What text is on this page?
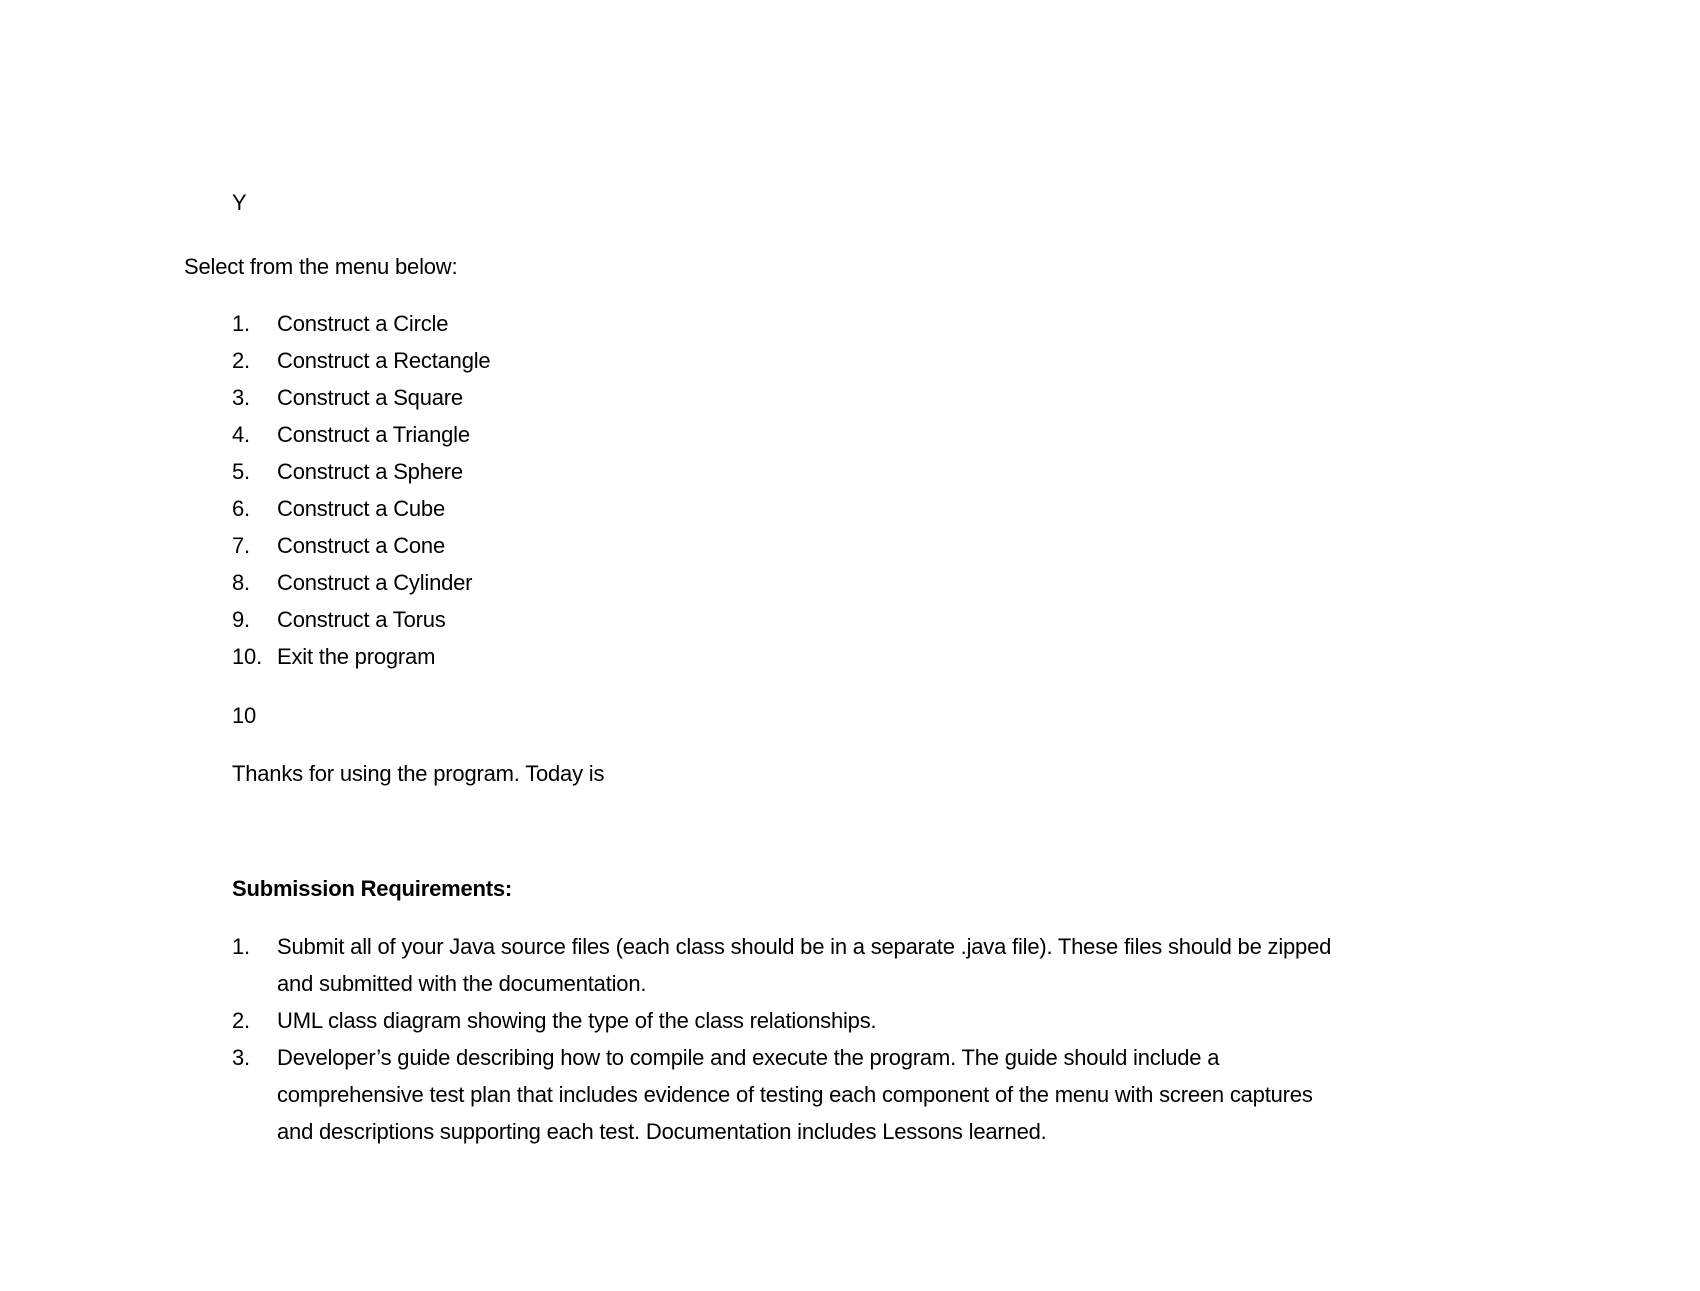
Y

Select from the menu below:

1.	Construct a Circle
2.	Construct a Rectangle
3.	Construct a Square
4.	Construct a Triangle
5.	Construct a Sphere
6.	Construct a Cube
7.	Construct a Cone
8.	Construct a Cylinder
9.	Construct a Torus
10. Exit the program
10

Thanks for using the program. Today is

Submission Requirements:
1.	Submit all of your Java source files (each class should be in a separate .java file). These files should be zipped and submitted with the documentation.
2.	UML class diagram showing the type of the class relationships.
3.	Developer’s guide describing how to compile and execute the program. The guide should include a comprehensive test plan that includes evidence of testing each component of the menu with screen captures and descriptions supporting each test. Documentation includes Lessons learned.
